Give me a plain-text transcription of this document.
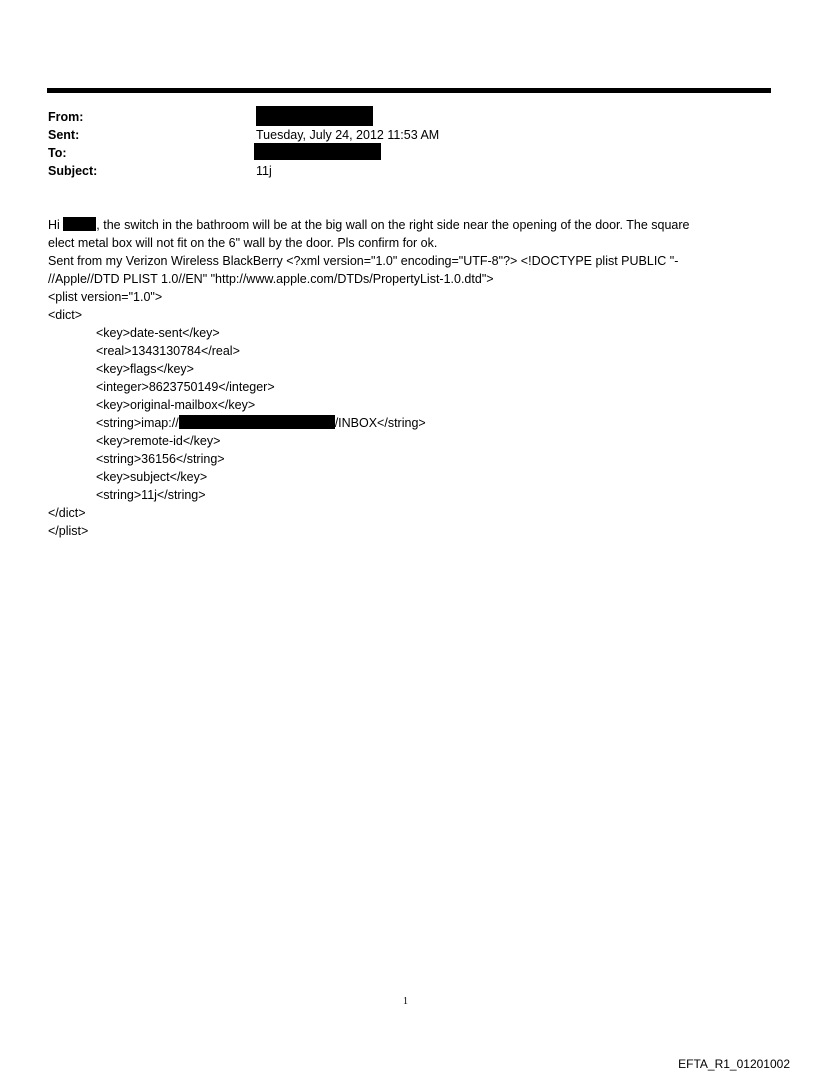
From:
Sent:
To:
Subject:
Tuesday, July 24, 2012 11:53 AM
11j
Hi	, the switch in the bathroom will be at the big wall on the right side near the opening of the door. The square
elect metal box will not fit on the 6" wall by the door. Pls confirm for ok.
Sent from my Verizon Wireless BlackBerry <?xml version="1.0" encoding="UTF-8"?> <!DOCTYPE plist PUBLIC "-
//Apple//DTD PLIST 1.0//EN" "http://www.apple.com/DTDs/PropertyList-1.0.dtd">
<plist version="1.0">
<dict>
<key>date-sent</key>
<real>1343130784</real>
<key>flags</key>
<integer>8623750149</integer>
<key>original-mailbox</key>
<string>imap://	/INBOX</string>
<key>remote-id</key>
<string>36156</string>
<key>subject</key>
<string>11j</string>
</dict>
</plist>
1
EFTA_R1_01201002
